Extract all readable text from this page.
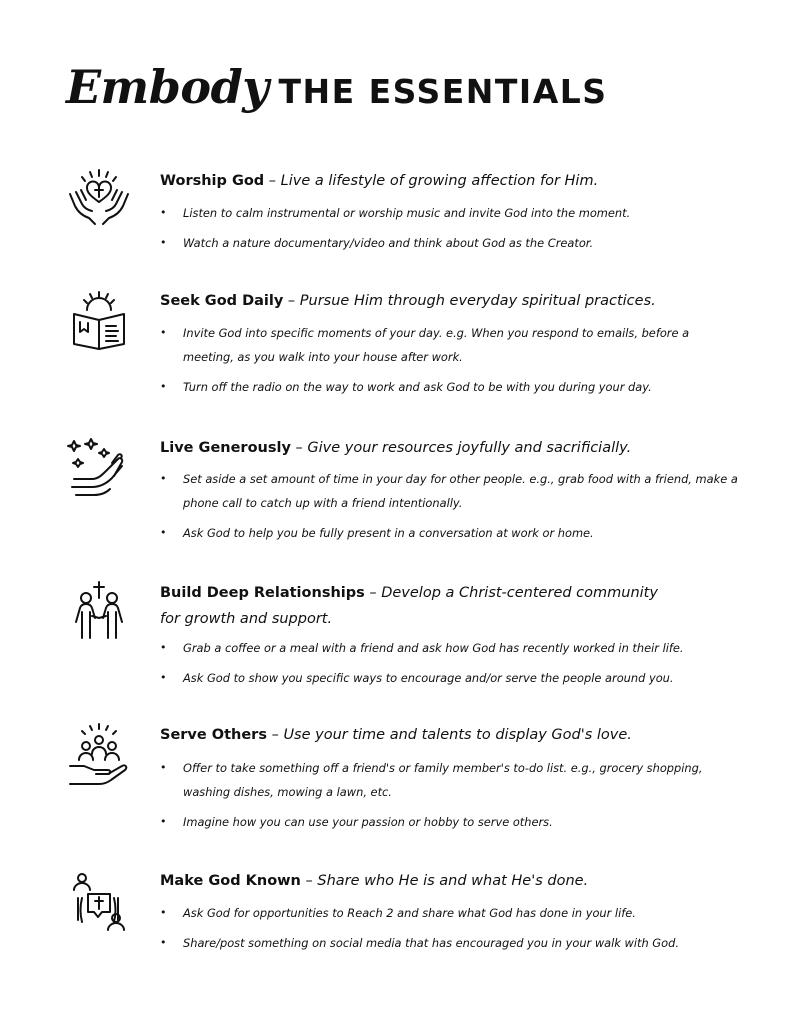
Embody THE ESSENTIALS
Worship God – Live a lifestyle of growing affection for Him.
• Listen to calm instrumental or worship music and invite God into the moment.
• Watch a nature documentary/video and think about God as the Creator.
Seek God Daily – Pursue Him through everyday spiritual practices.
• Invite God into specific moments of your day. e.g. When you respond to emails, before a meeting, as you walk into your house after work.
• Turn off the radio on the way to work and ask God to be with you during your day.
Live Generously – Give your resources joyfully and sacrificially.
• Set aside a set amount of time in your day for other people. e.g., grab food with a friend, make a phone call to catch up with a friend intentionally.
• Ask God to help you be fully present in a conversation at work or home.
Build Deep Relationships – Develop a Christ-centered community for growth and support.
• Grab a coffee or a meal with a friend and ask how God has recently worked in their life.
• Ask God to show you specific ways to encourage and/or serve the people around you.
Serve Others – Use your time and talents to display God's love.
• Offer to take something off a friend's or family member's to-do list. e.g., grocery shopping, washing dishes, mowing a lawn, etc.
• Imagine how you can use your passion or hobby to serve others.
Make God Known – Share who He is and what He's done.
• Ask God for opportunities to Reach 2 and share what God has done in your life.
• Share/post something on social media that has encouraged you in your walk with God.
